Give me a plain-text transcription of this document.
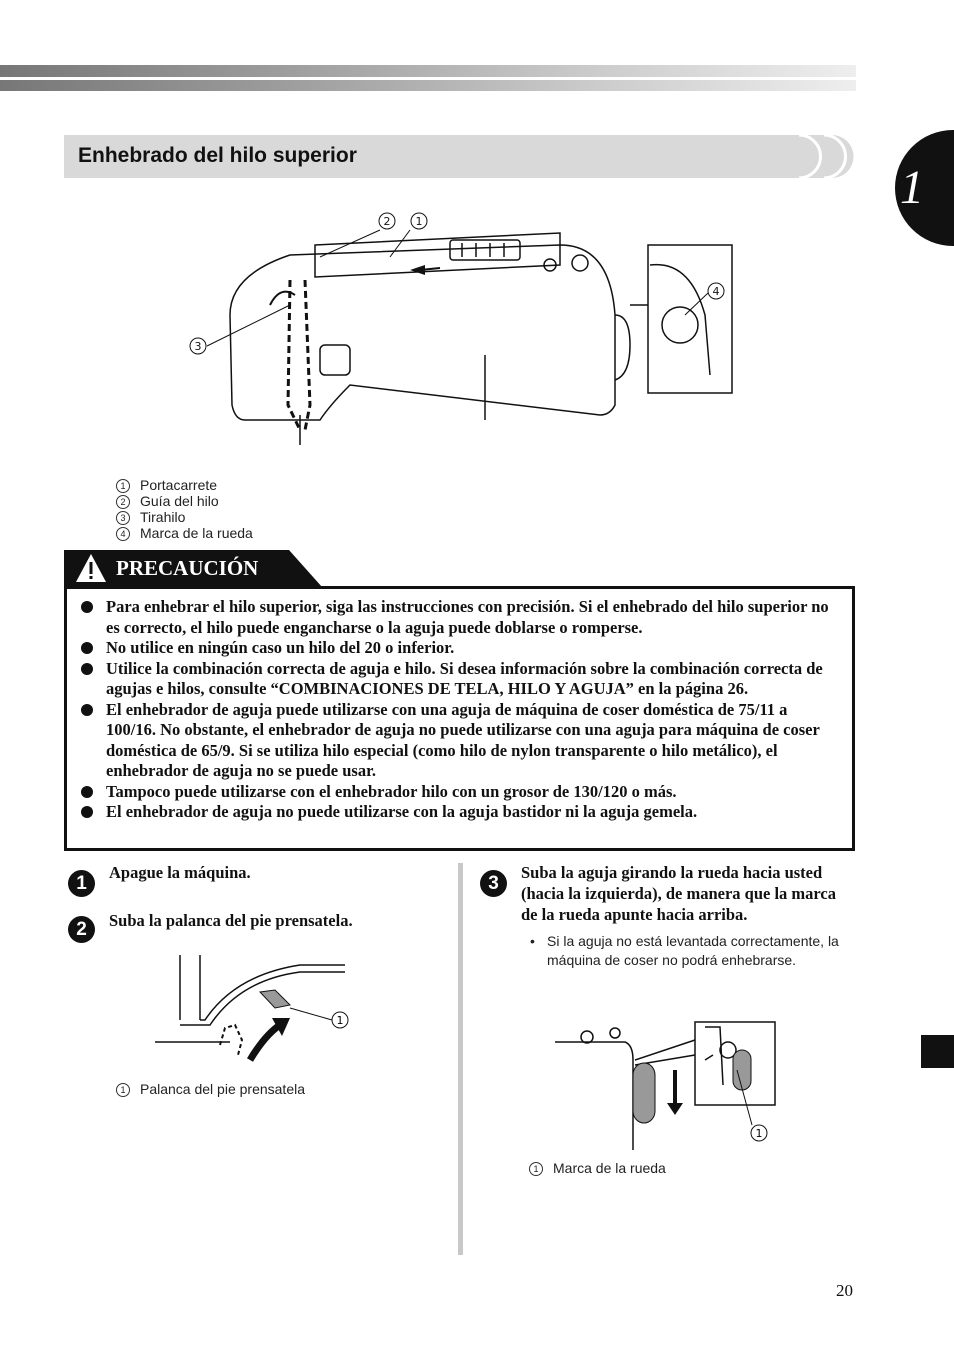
Enhebrado del hilo superior
1
2 1
3
4
1 Portacarrete
2 Guía del hilo
3 Tirahilo
4 Marca de la rueda
PRECAUCIÓN
Para enhebrar el hilo superior, siga las instrucciones con precisión. Si el enhebrado del hilo superior no es correcto, el hilo puede engancharse o la aguja puede doblarse o romperse.
No utilice en ningún caso un hilo del 20 o inferior.
Utilice la combinación correcta de aguja e hilo. Si desea información sobre la combinación correcta de agujas e hilos, consulte “COMBINACIONES DE TELA, HILO Y AGUJA” en la página 26.
El enhebrador de aguja puede utilizarse con una aguja de máquina de coser doméstica de 75/11 a 100/16. No obstante, el enhebrador de aguja no puede utilizarse con una aguja para máquina de coser doméstica de 65/9. Si se utiliza hilo especial (como hilo de nylon transparente o hilo metálico), el enhebrador de aguja no se puede usar.
Tampoco puede utilizarse con el enhebrador hilo con un grosor de 130/120 o más.
El enhebrador de aguja no puede utilizarse con la aguja bastidor ni la aguja gemela.
1
Apague la máquina.
2	Suba la palanca del pie prensatela.
1
1 Palanca del pie prensatela
3
Suba la aguja girando la rueda hacia usted (hacia la izquierda), de manera que la marca de la rueda apunte hacia arriba.
• Si la aguja no está levantada correctamente, la máquina de coser no podrá enhebrarse.
1
1 Marca de la rueda
20
